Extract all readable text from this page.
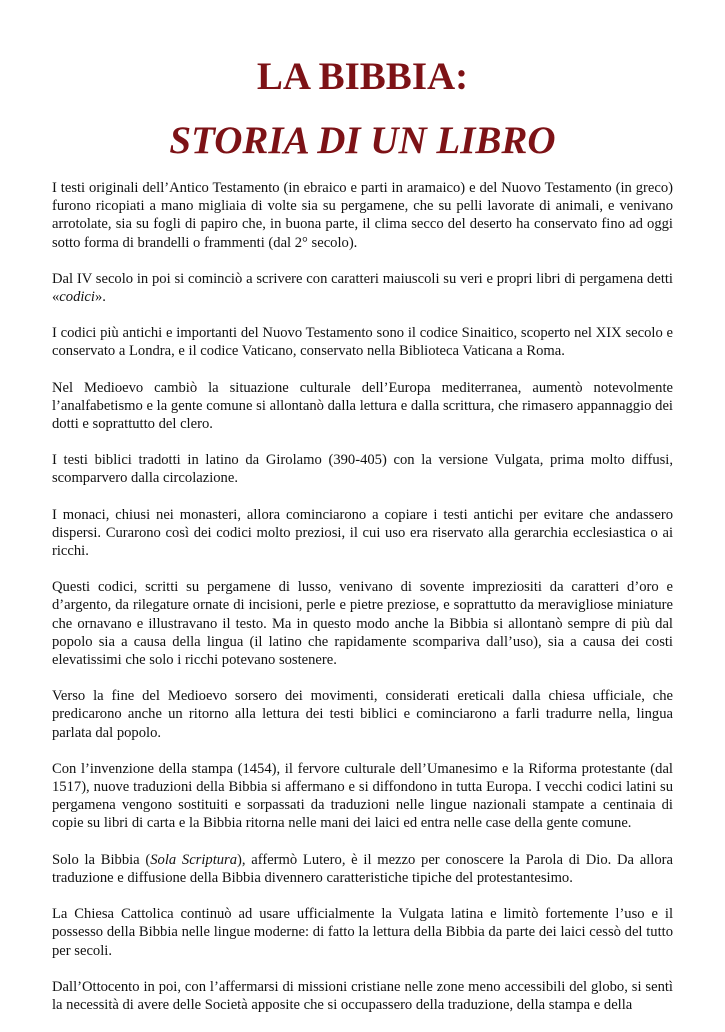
LA BIBBIA:
STORIA DI UN LIBRO

I testi originali dell’Antico Testamento (in ebraico e parti in aramaico) e del Nuovo Testamento (in greco) furono ricopiati a mano migliaia di volte sia su pergamene, che su pelli lavorate di animali, e venivano arrotolate, sia su fogli di papiro che, in buona parte, il clima secco del deserto ha conservato fino ad oggi sotto forma di brandelli o frammenti (dal 2° secolo).

Dal IV secolo in poi si cominciò a scrivere con caratteri maiuscoli su veri e propri libri di pergamena detti «codici».

I codici più antichi e importanti del Nuovo Testamento sono il codice Sinaitico, scoperto nel XIX secolo e conservato a Londra, e il codice Vaticano, conservato nella Biblioteca Vaticana a Roma.

Nel Medioevo cambiò la situazione culturale dell’Europa mediterranea, aumentò notevolmente l’analfabetismo e la gente comune si allontanò dalla lettura e dalla scrittura, che rimasero appannaggio dei dotti e soprattutto del clero.

I testi biblici tradotti in latino da Girolamo (390-405) con la versione Vulgata, prima molto diffusi, scomparvero dalla circolazione.

I monaci, chiusi nei monasteri, allora cominciarono a copiare i testi antichi per evitare che andassero dispersi. Curarono così dei codici molto preziosi, il cui uso era riservato alla gerarchia ecclesiastica o ai ricchi.

Questi codici, scritti su pergamene di lusso, venivano di sovente impreziositi da caratteri d’oro e d’argento, da rilegature ornate di incisioni, perle e pietre preziose, e soprattutto da meravigliose miniature che ornavano e illustravano il testo. Ma in questo modo anche la Bibbia si allontanò sempre di più dal popolo sia a causa della lingua (il latino che rapidamente scompariva dall’uso), sia a causa dei costi elevatissimi che solo i ricchi potevano sostenere.

Verso la fine del Medioevo sorsero dei movimenti, considerati ereticali dalla chiesa ufficiale, che predicarono anche un ritorno alla lettura dei testi biblici e cominciarono a farli tradurre nella, lingua parlata dal popolo.

Con l’invenzione della stampa (1454), il fervore culturale dell’Umanesimo e la Riforma protestante (dal 1517), nuove traduzioni della Bibbia si affermano e si diffondono in tutta Europa. I vecchi codici latini su pergamena vengono sostituiti e sorpassati da traduzioni nelle lingue nazionali stampate a centinaia di copie su libri di carta e la Bibbia ritorna nelle mani dei laici ed entra nelle case della gente comune.

Solo la Bibbia (Sola Scriptura), affermò Lutero, è il mezzo per conoscere la Parola di Dio. Da allora traduzione e diffusione della Bibbia divennero caratteristiche tipiche del protestantesimo.

La Chiesa Cattolica continuò ad usare ufficialmente la Vulgata latina e limitò fortemente l’uso e il possesso della Bibbia nelle lingue moderne: di fatto la lettura della Bibbia da parte dei laici cessò del tutto per secoli.

Dall’Ottocento in poi, con l’affermarsi di missioni cristiane nelle zone meno accessibili del globo, si sentì la necessità di avere delle Società apposite che si occupassero della traduzione, della stampa e della
